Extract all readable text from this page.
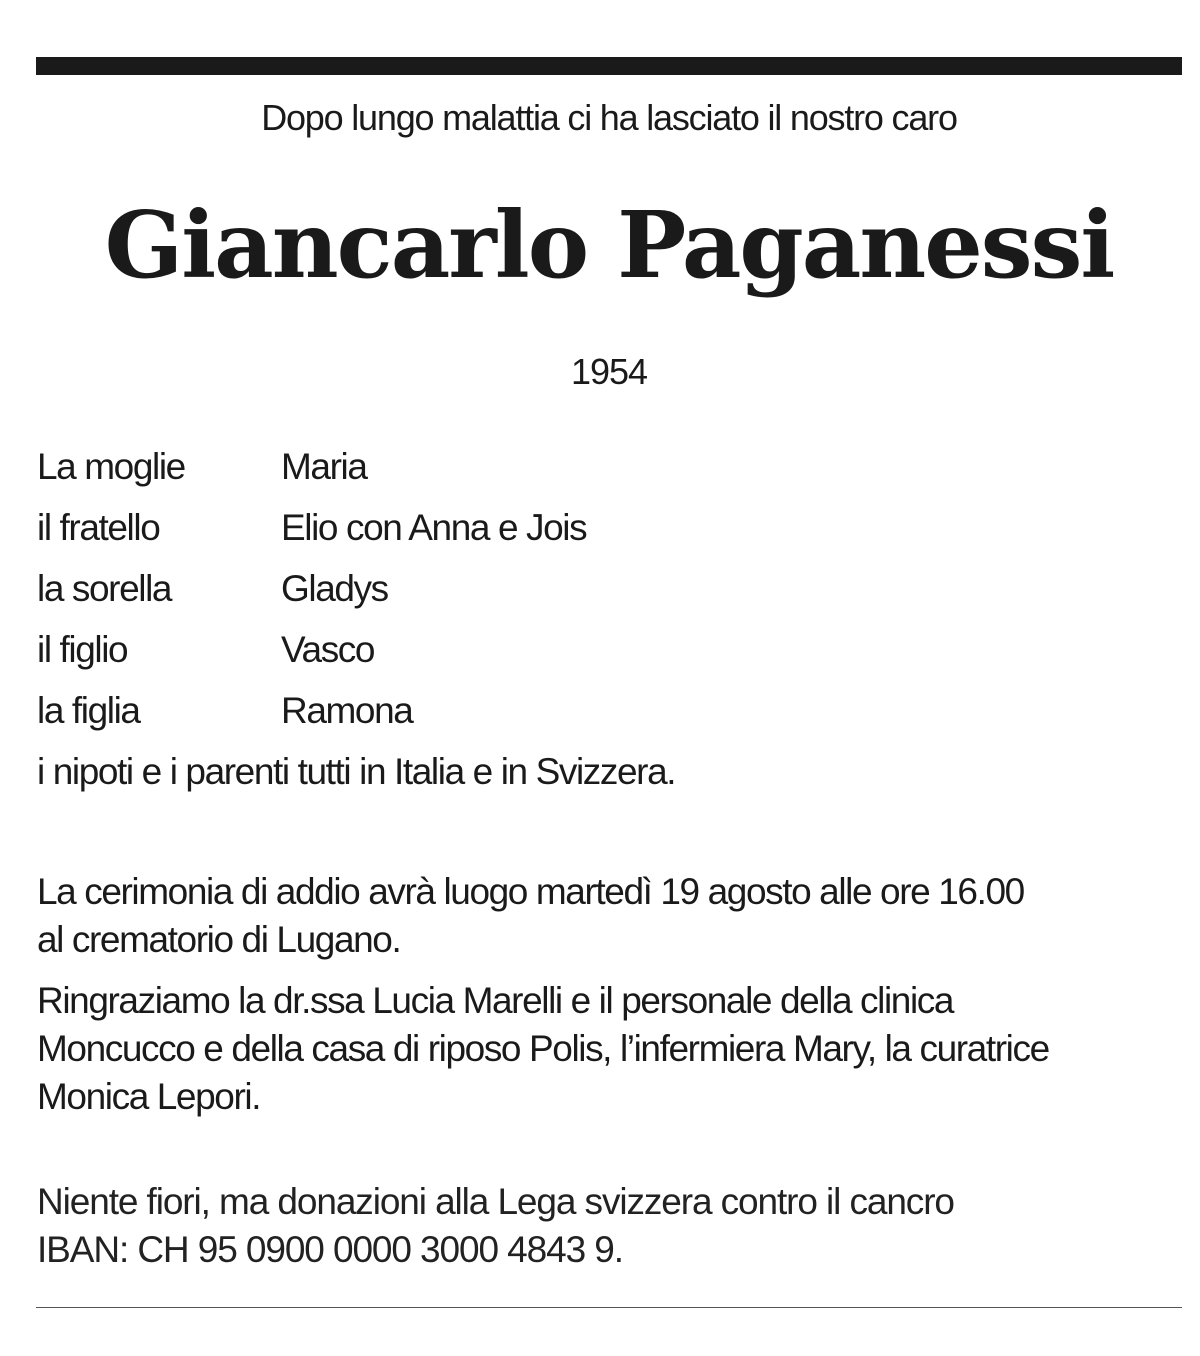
Dopo lungo malattia ci ha lasciato il nostro caro
Giancarlo Paganessi
1954
La moglie	Maria
il fratello	Elio con Anna e Jois
la sorella	Gladys
il figlio	Vasco
la figlia	Ramona
i nipoti e i parenti tutti in Italia e in Svizzera.
La cerimonia di addio avrà luogo martedì 19 agosto alle ore 16.00
al crematorio di Lugano.
Ringraziamo la dr.ssa Lucia Marelli e il personale della clinica
Moncucco e della casa di riposo Polis, l’infermiera Mary, la curatrice
Monica Lepori.
Niente fiori, ma donazioni alla Lega svizzera contro il cancro
IBAN: CH 95 0900 0000 3000 4843 9.
